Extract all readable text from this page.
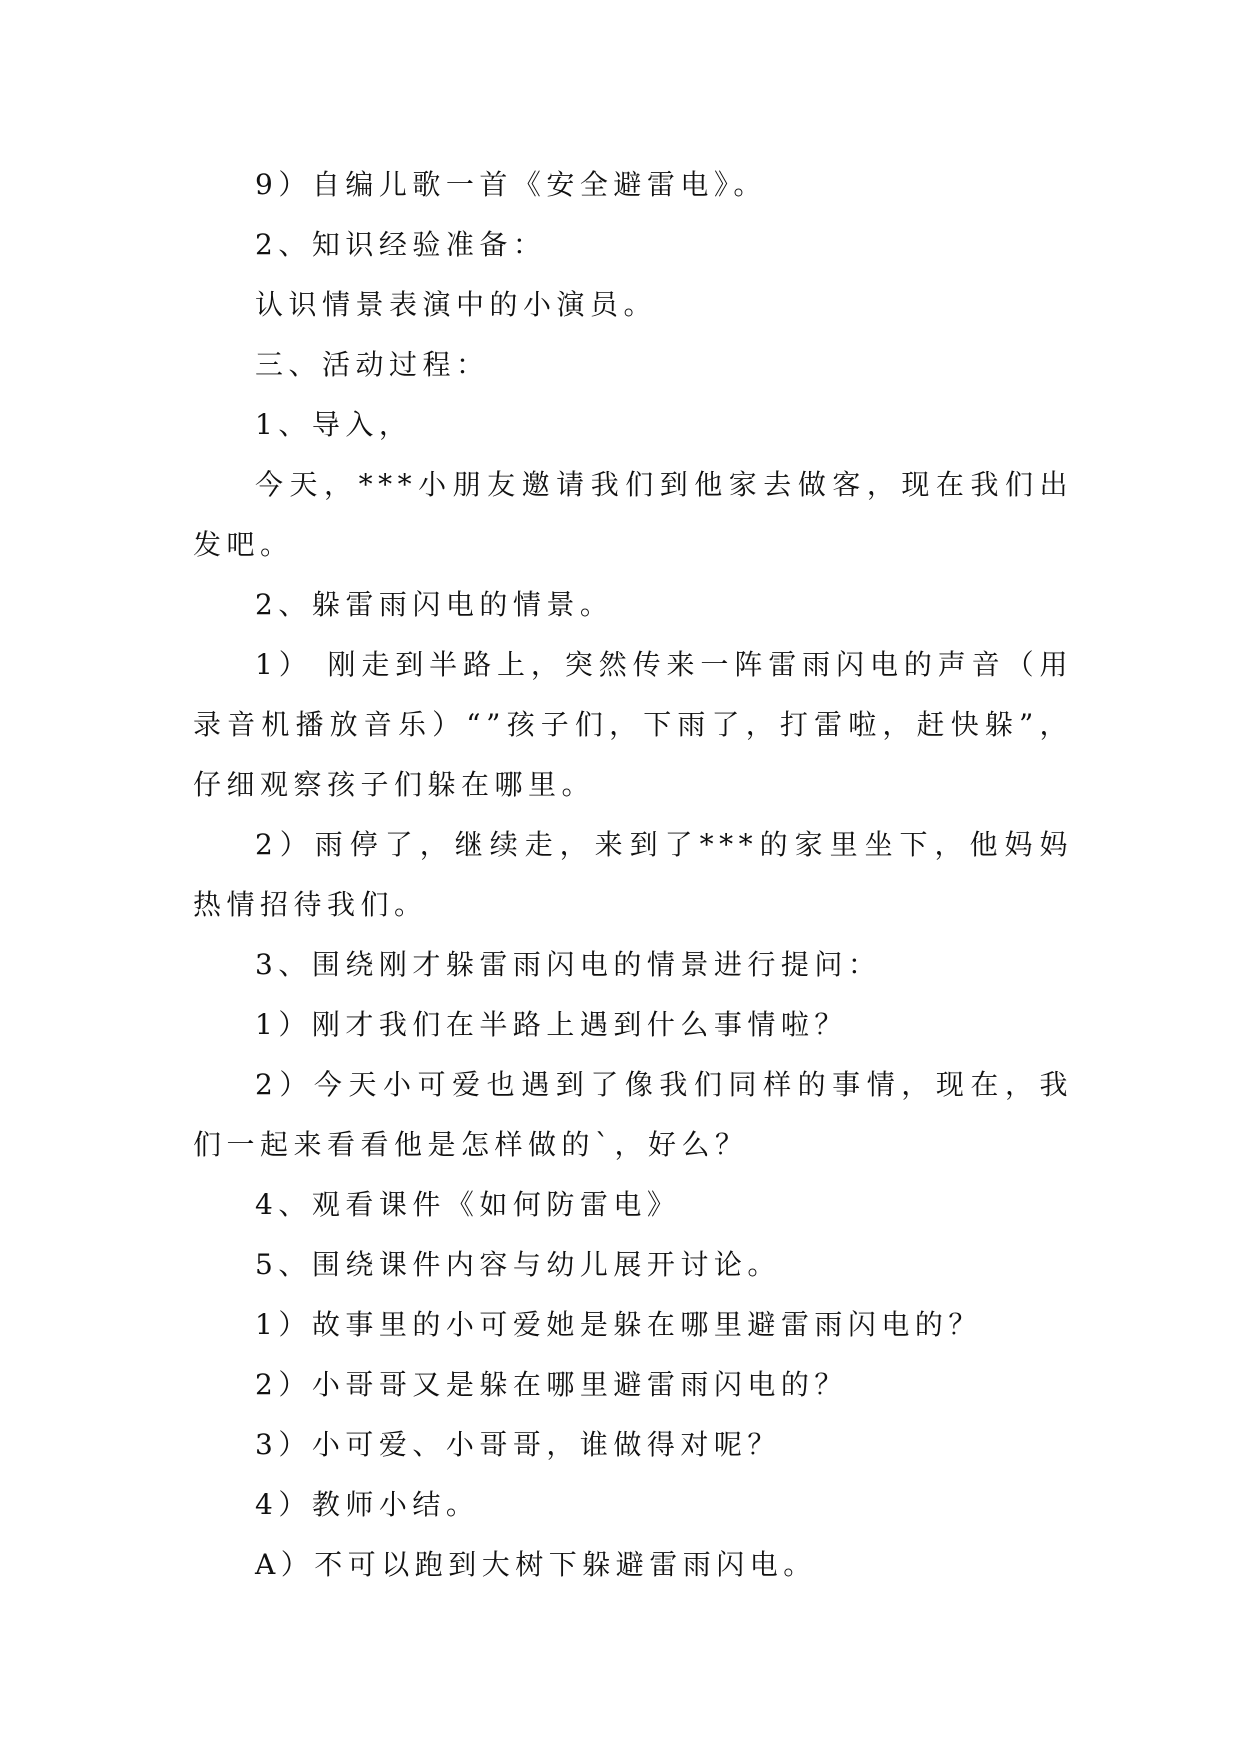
9）自编儿歌一首《安全避雷电》。

2、知识经验准备：

认识情景表演中的小演员。

三、活动过程：

1、导入，

今天，***小朋友邀请我们到他家去做客，现在我们出发吧。

2、躲雷雨闪电的情景。

1） 刚走到半路上，突然传来一阵雷雨闪电的声音（用录音机播放音乐）“”孩子们，下雨了，打雷啦，赶快躲”，仔细观察孩子们躲在哪里。

2）雨停了，继续走，来到了***的家里坐下，他妈妈热情招待我们。

3、围绕刚才躲雷雨闪电的情景进行提问：

1）刚才我们在半路上遇到什么事情啦？

2）今天小可爱也遇到了像我们同样的事情，现在，我们一起来看看他是怎样做的`，好么？

4、观看课件《如何防雷电》

5、围绕课件内容与幼儿展开讨论。

1）故事里的小可爱她是躲在哪里避雷雨闪电的？

2）小哥哥又是躲在哪里避雷雨闪电的？

3）小可爱、小哥哥，谁做得对呢？

4）教师小结。

A）不可以跑到大树下躲避雷雨闪电。
